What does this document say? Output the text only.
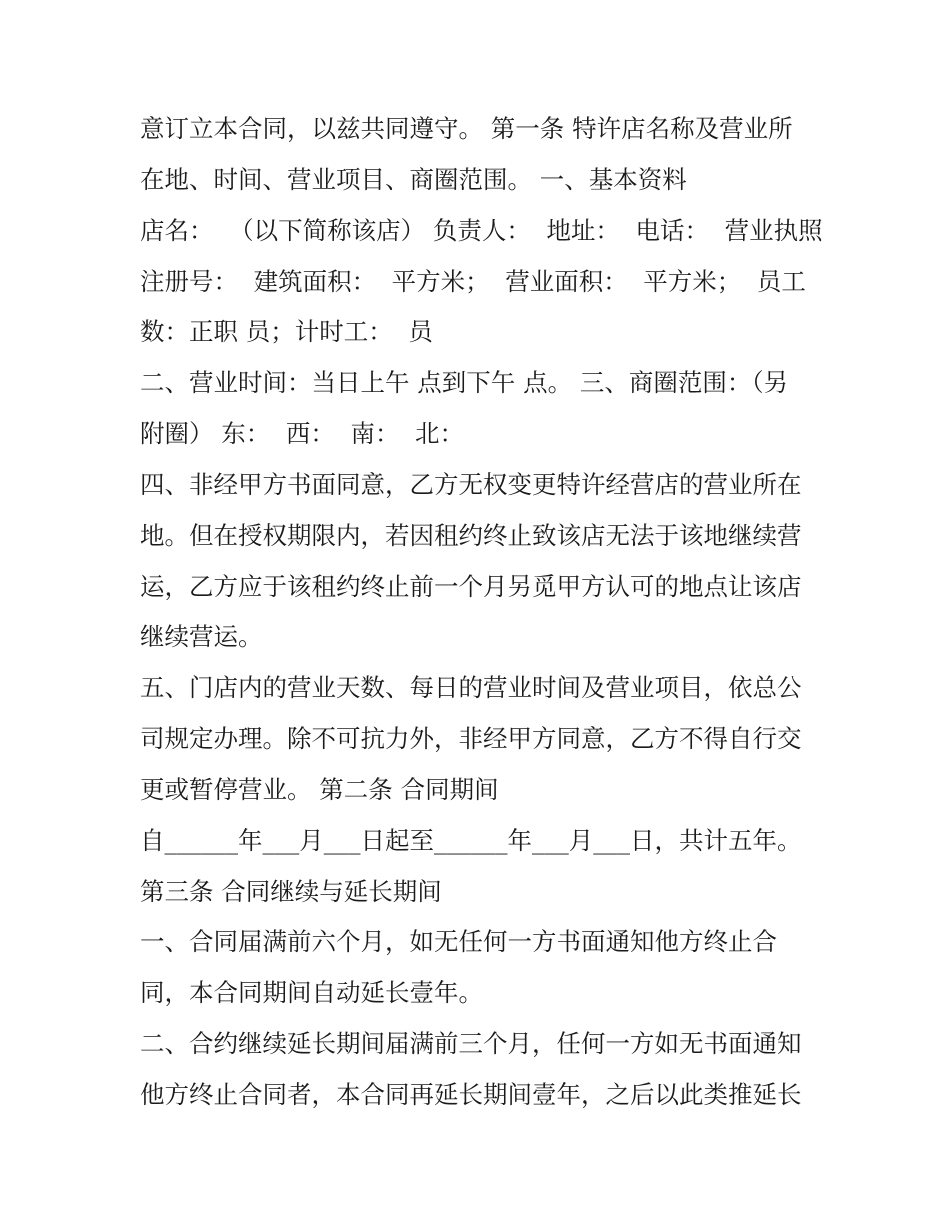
意订立本合同，以兹共同遵守。 第一条 特许店名称及营业所
在地、时间、营业项目、商圈范围。 一、基本资料
店名：  （以下简称该店） 负责人：  地址：  电话：  营业执照
注册号：  建筑面积：  平方米；  营业面积：  平方米；  员工
数：正职 员；计时工：  员
二、营业时间：当日上午 点到下午 点。 三、商圈范围：（另
附圈） 东：  西：  南：  北：
四、非经甲方书面同意，乙方无权变更特许经营店的营业所在
地。但在授权期限内，若因租约终止致该店无法于该地继续营
运，乙方应于该租约终止前一个月另觅甲方认可的地点让该店
继续营运。
五、门店内的营业天数、每日的营业时间及营业项目，依总公
司规定办理。除不可抗力外，非经甲方同意，乙方不得自行交
更或暂停营业。 第二条 合同期间
自______年___月___日起至______年___月___日，共计五年。
第三条 合同继续与延长期间
一、合同届满前六个月，如无任何一方书面通知他方终止合
同，本合同期间自动延长壹年。
二、合约继续延长期间届满前三个月，任何一方如无书面通知
他方终止合同者，本合同再延长期间壹年，之后以此类推延长
